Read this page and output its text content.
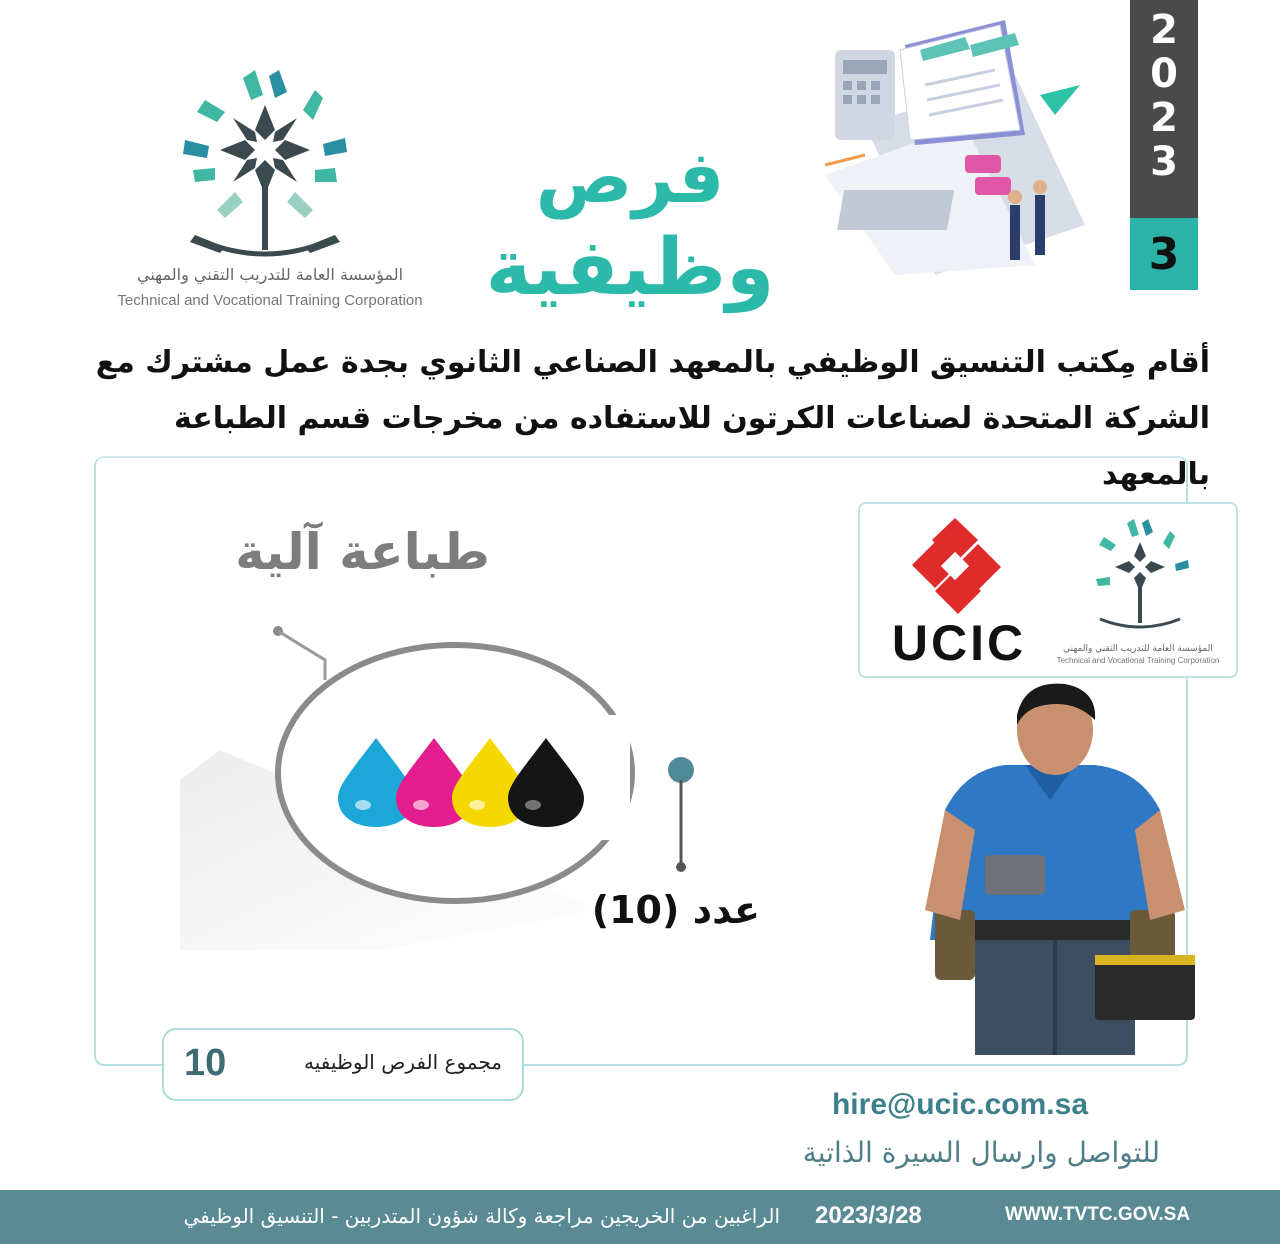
2
0
2
3
3
المؤسسة العامة للتدريب التقني والمهني
Technical and Vocational Training Corporation
فرص
وظيفية
أقام مِكتب التنسيق الوظيفي بالمعهد الصناعي الثانوي بجدة عمل مشترك مع
الشركة المتحدة لصناعات الكرتون للاستفاده من مخرجات قسم الطباعة بالمعهد
طباعة آلية
عدد (10)
UCIC	المؤسسة العامة للتدريب التقني والمهني
Technical and Vocational Training Corporation
مجموع الفرص الوظيفيه
10
hire@ucic.com.sa
للتواصل وارسال السيرة الذاتية
الراغبين من الخريجين مراجعة وكالة شؤون المتدربين - التنسيق الوظيفي 2023/3/28	WWW.TVTC.GOV.SA
